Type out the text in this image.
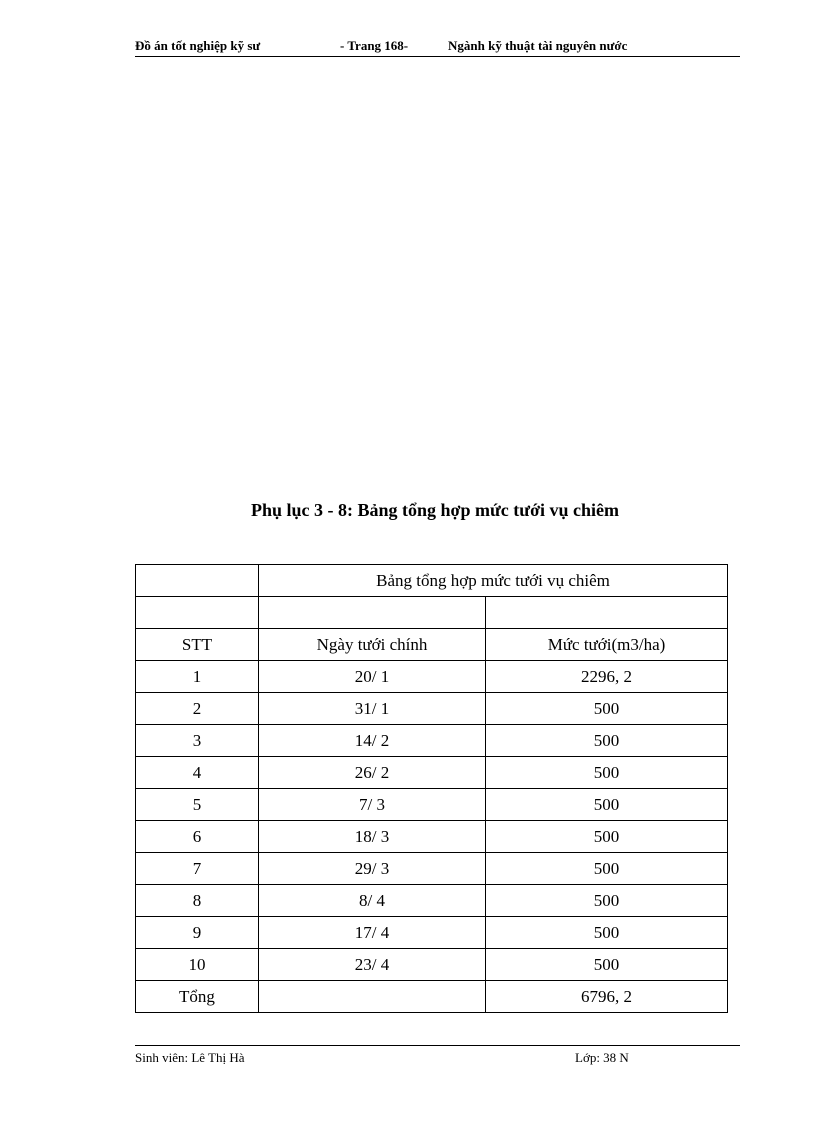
Đồ án tốt nghiệp kỹ sư	- Trang 168-	Ngành kỹ thuật tài nguyên nước
Phụ lục 3 - 8: Bảng tổng hợp mức tưới vụ chiêm
	Bảng tổng hợp mức tưới vụ chiêm	

STT	Ngày tưới chính	Mức tưới(m3/ha)
1	20/ 1	2296, 2
2	31/ 1	500
3	14/ 2	500
4	26/ 2	500
5	7/ 3	500
6	18/ 3	500
7	29/ 3	500
8	8/ 4	500
9	17/ 4	500
10	23/ 4	500
Tổng		6796, 2
Sinh viên: Lê Thị Hà	Lớp: 38 N
